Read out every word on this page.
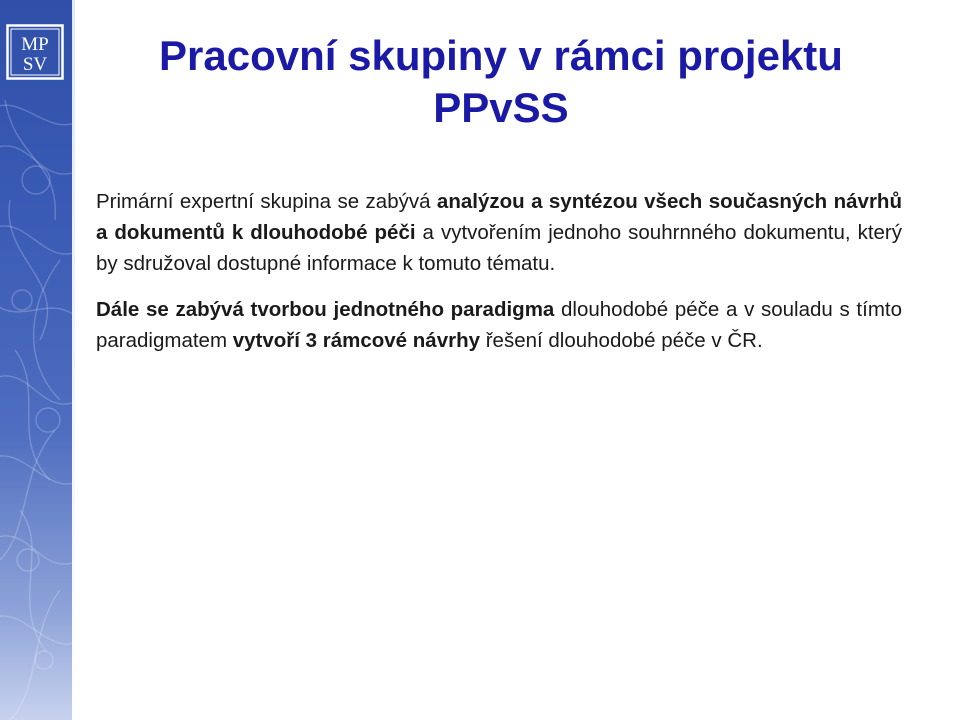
MP
SV	Pracovní skupiny v rámci projektu
PPvSS

Primární expertní skupina se zabývá analýzou a syntézou všech současných návrhů a dokumentů k dlouhodobé péči a vytvořením jednoho souhrnného dokumentu, který by sdružoval dostupné informace k tomuto tématu.

Dále se zabývá tvorbou jednotného paradigma dlouhodobé péče a v souladu s tímto paradigmatem vytvoří 3 rámcové návrhy řešení dlouhodobé péče v ČR.
